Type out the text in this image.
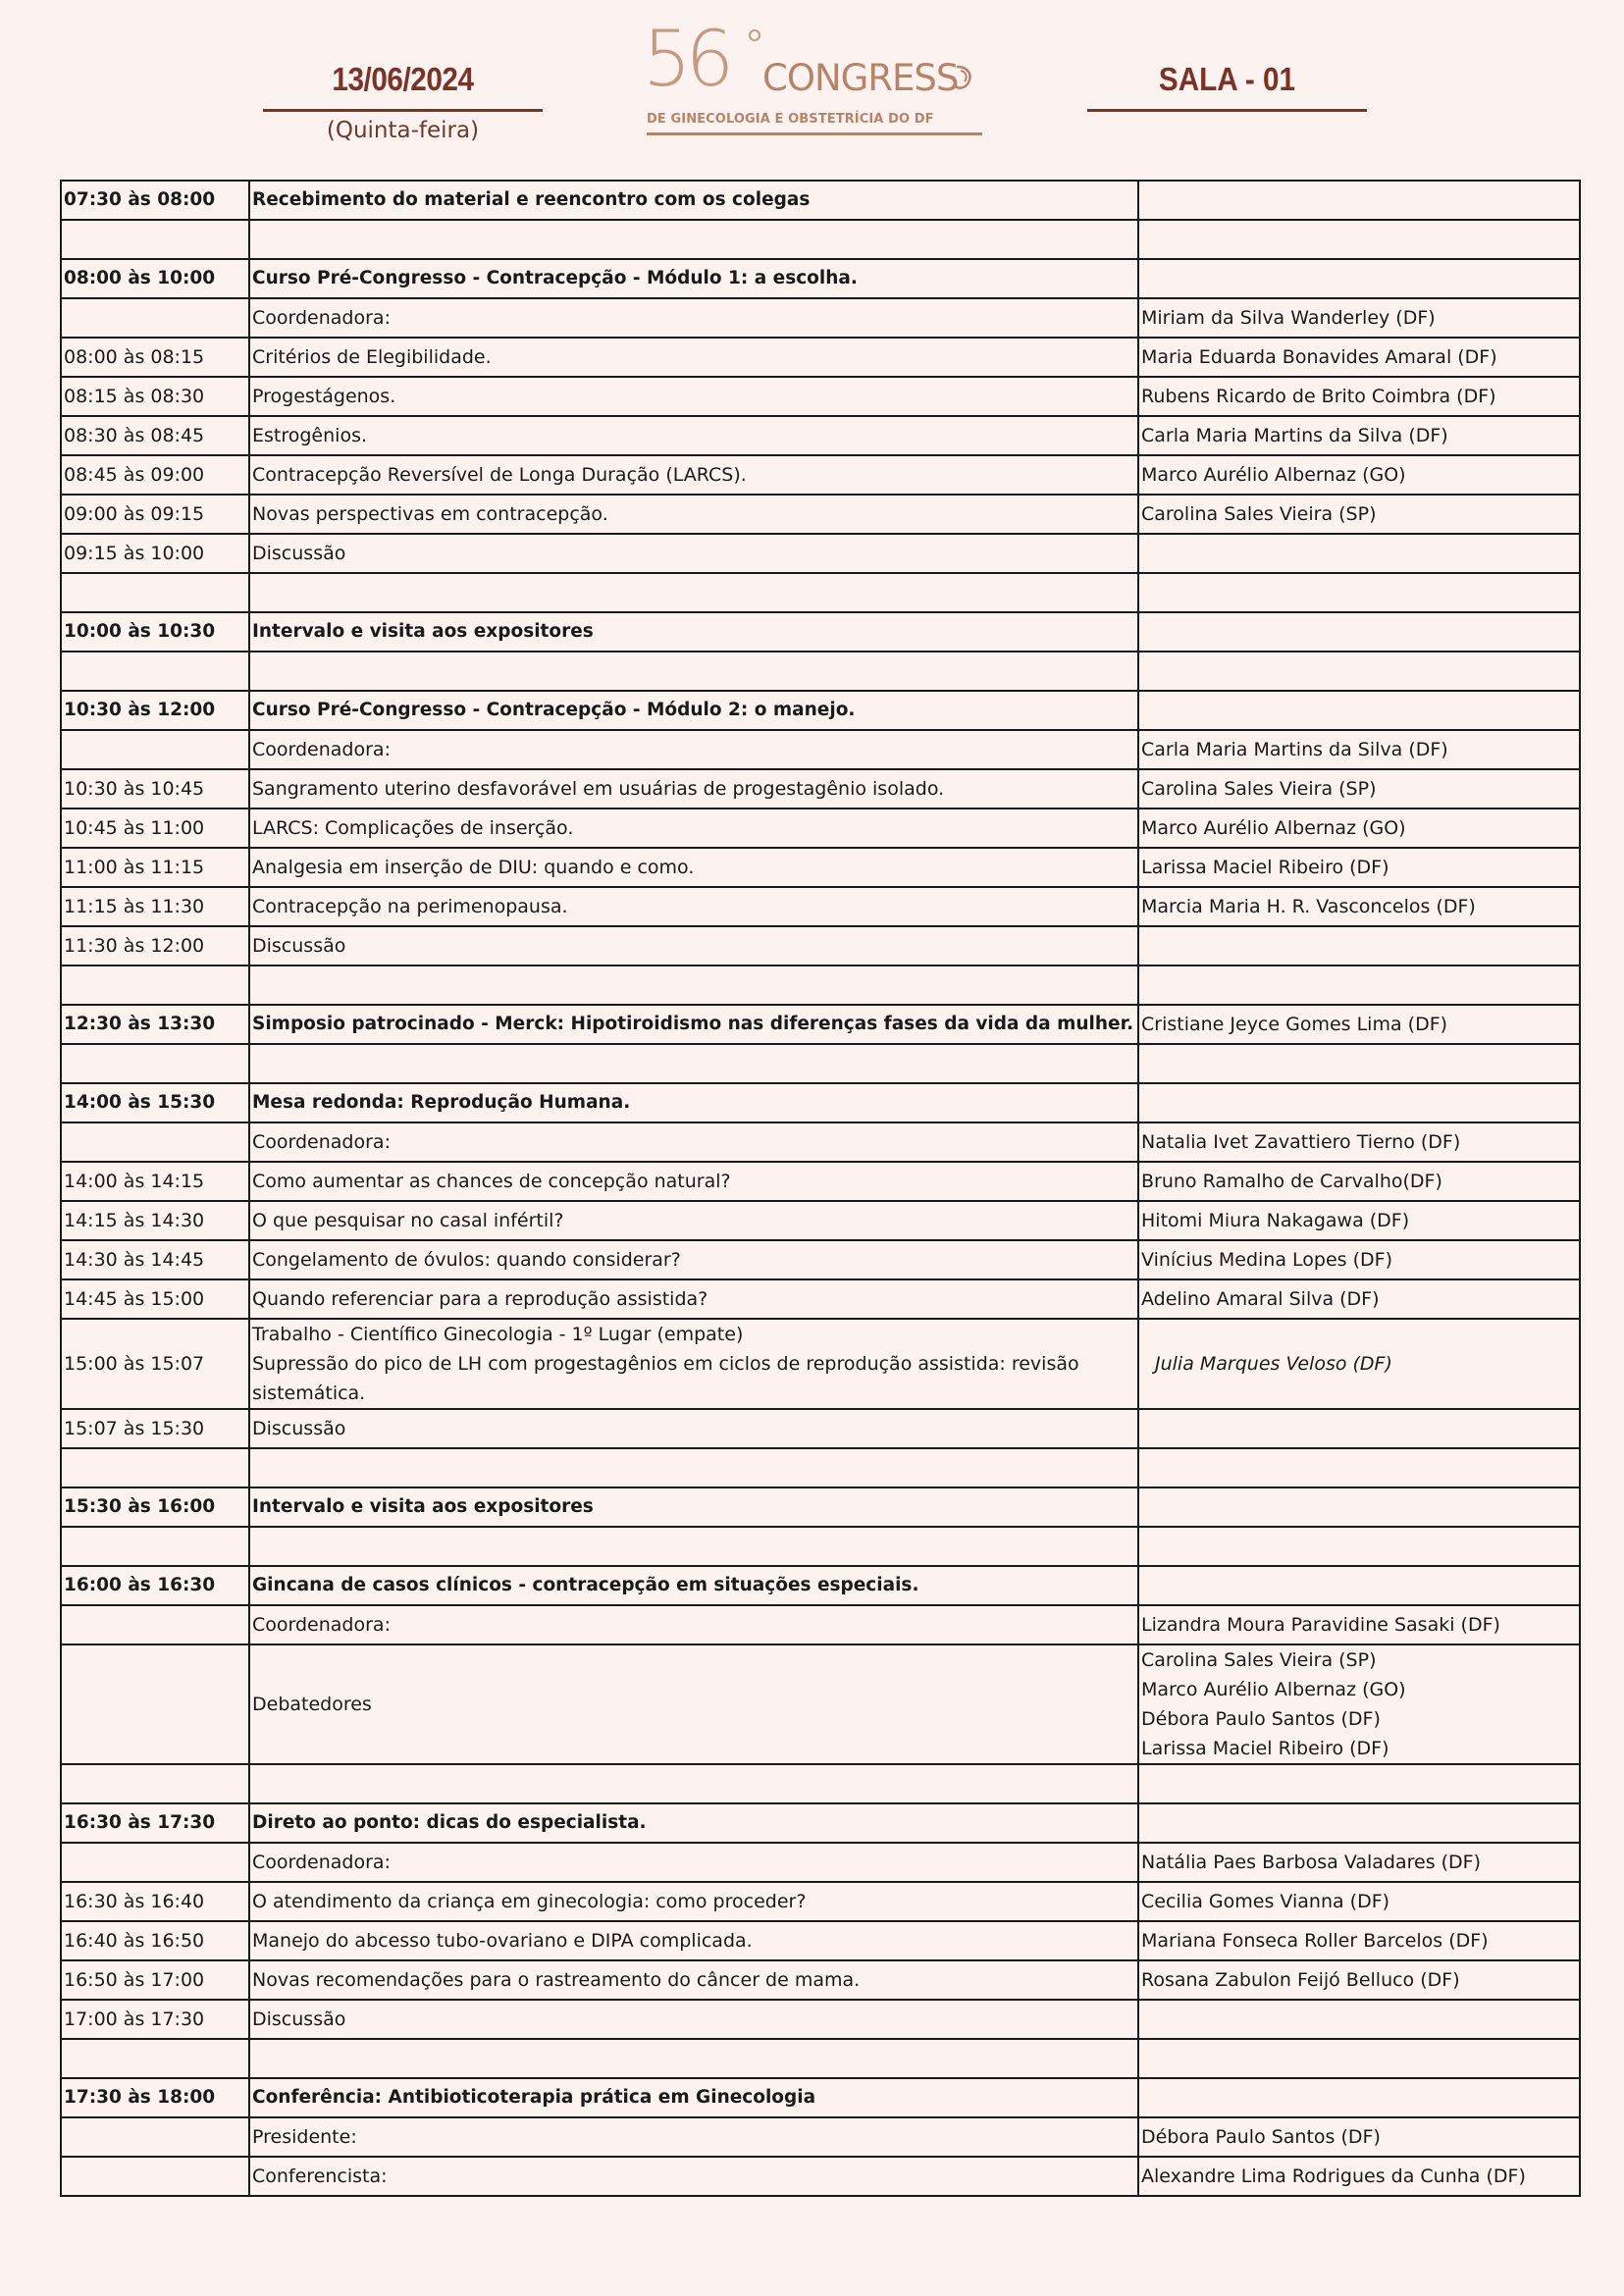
13/06/2024
(Quinta-feira)
56 CONGRESS
DE GINECOLOGIA E OBSTETRÍCIA DO DF
SALA - 01
07:30 às 08:00	Recebimento do material e reencontro com os colegas	

08:00 às 10:00	Curso Pré-Congresso - Contracepção - Módulo 1: a escolha.	
	Coordenadora:	Miriam da Silva Wanderley (DF)
08:00 às 08:15	Critérios de Elegibilidade.	Maria Eduarda Bonavides Amaral (DF)
08:15 às 08:30	Progestágenos.	Rubens Ricardo de Brito Coimbra (DF)
08:30 às 08:45	Estrogênios.	Carla Maria Martins da Silva (DF)
08:45 às 09:00	Contracepção Reversível de Longa Duração (LARCS).	Marco Aurélio Albernaz (GO)
09:00 às 09:15	Novas perspectivas em contracepção.	Carolina Sales Vieira (SP)
09:15 às 10:00	Discussão	

10:00 às 10:30	Intervalo e visita aos expositores	

10:30 às 12:00	Curso Pré-Congresso - Contracepção - Módulo 2: o manejo.	
	Coordenadora:	Carla Maria Martins da Silva (DF)
10:30 às 10:45	Sangramento uterino desfavorável em usuárias de progestagênio isolado.	Carolina Sales Vieira (SP)
10:45 às 11:00	LARCS: Complicações de inserção.	Marco Aurélio Albernaz (GO)
11:00 às 11:15	Analgesia em inserção de DIU: quando e como.	Larissa Maciel Ribeiro (DF)
11:15 às 11:30	Contracepção na perimenopausa.	Marcia Maria H. R. Vasconcelos (DF)
11:30 às 12:00	Discussão	

12:30 às 13:30	Simposio patrocinado - Merck: Hipotiroidismo nas diferenças fases da vida da mulher.	Cristiane Jeyce Gomes Lima (DF)

14:00 às 15:30	Mesa redonda: Reprodução Humana.	
	Coordenadora:	Natalia Ivet Zavattiero Tierno (DF)
14:00 às 14:15	Como aumentar as chances de concepção natural?	Bruno Ramalho de Carvalho(DF)
14:15 às 14:30	O que pesquisar no casal infértil?	Hitomi Miura Nakagawa (DF)
14:30 às 14:45	Congelamento de óvulos: quando considerar?	Vinícius Medina Lopes (DF)
14:45 às 15:00	Quando referenciar para a reprodução assistida?	Adelino Amaral Silva (DF)
15:00 às 15:07	Trabalho - Científico Ginecologia - 1º Lugar (empate)
Supressão do pico de LH com progestagênios em ciclos de reprodução assistida: revisão sistemática.	Julia Marques Veloso (DF)
15:07 às 15:30	Discussão	

15:30 às 16:00	Intervalo e visita aos expositores	

16:00 às 16:30	Gincana de casos clínicos - contracepção em situações especiais.	
	Coordenadora:	Lizandra Moura Paravidine Sasaki (DF)
	Debatedores	Carolina Sales Vieira (SP)
Marco Aurélio Albernaz (GO)
Débora Paulo Santos (DF)
Larissa Maciel Ribeiro (DF)

16:30 às 17:30	Direto ao ponto: dicas do especialista.	
	Coordenadora:	Natália Paes Barbosa Valadares (DF)
16:30 às 16:40	O atendimento da criança em ginecologia: como proceder?	Cecilia Gomes Vianna (DF)
16:40 às 16:50	Manejo do abcesso tubo-ovariano e DIPA complicada.	Mariana Fonseca Roller Barcelos (DF)
16:50 às 17:00	Novas recomendações para o rastreamento do câncer de mama.	Rosana Zabulon Feijó Belluco (DF)
17:00 às 17:30	Discussão	

17:30 às 18:00	Conferência: Antibioticoterapia prática em Ginecologia	
	Presidente:	Débora Paulo Santos (DF)
	Conferencista:	Alexandre Lima Rodrigues da Cunha (DF)
